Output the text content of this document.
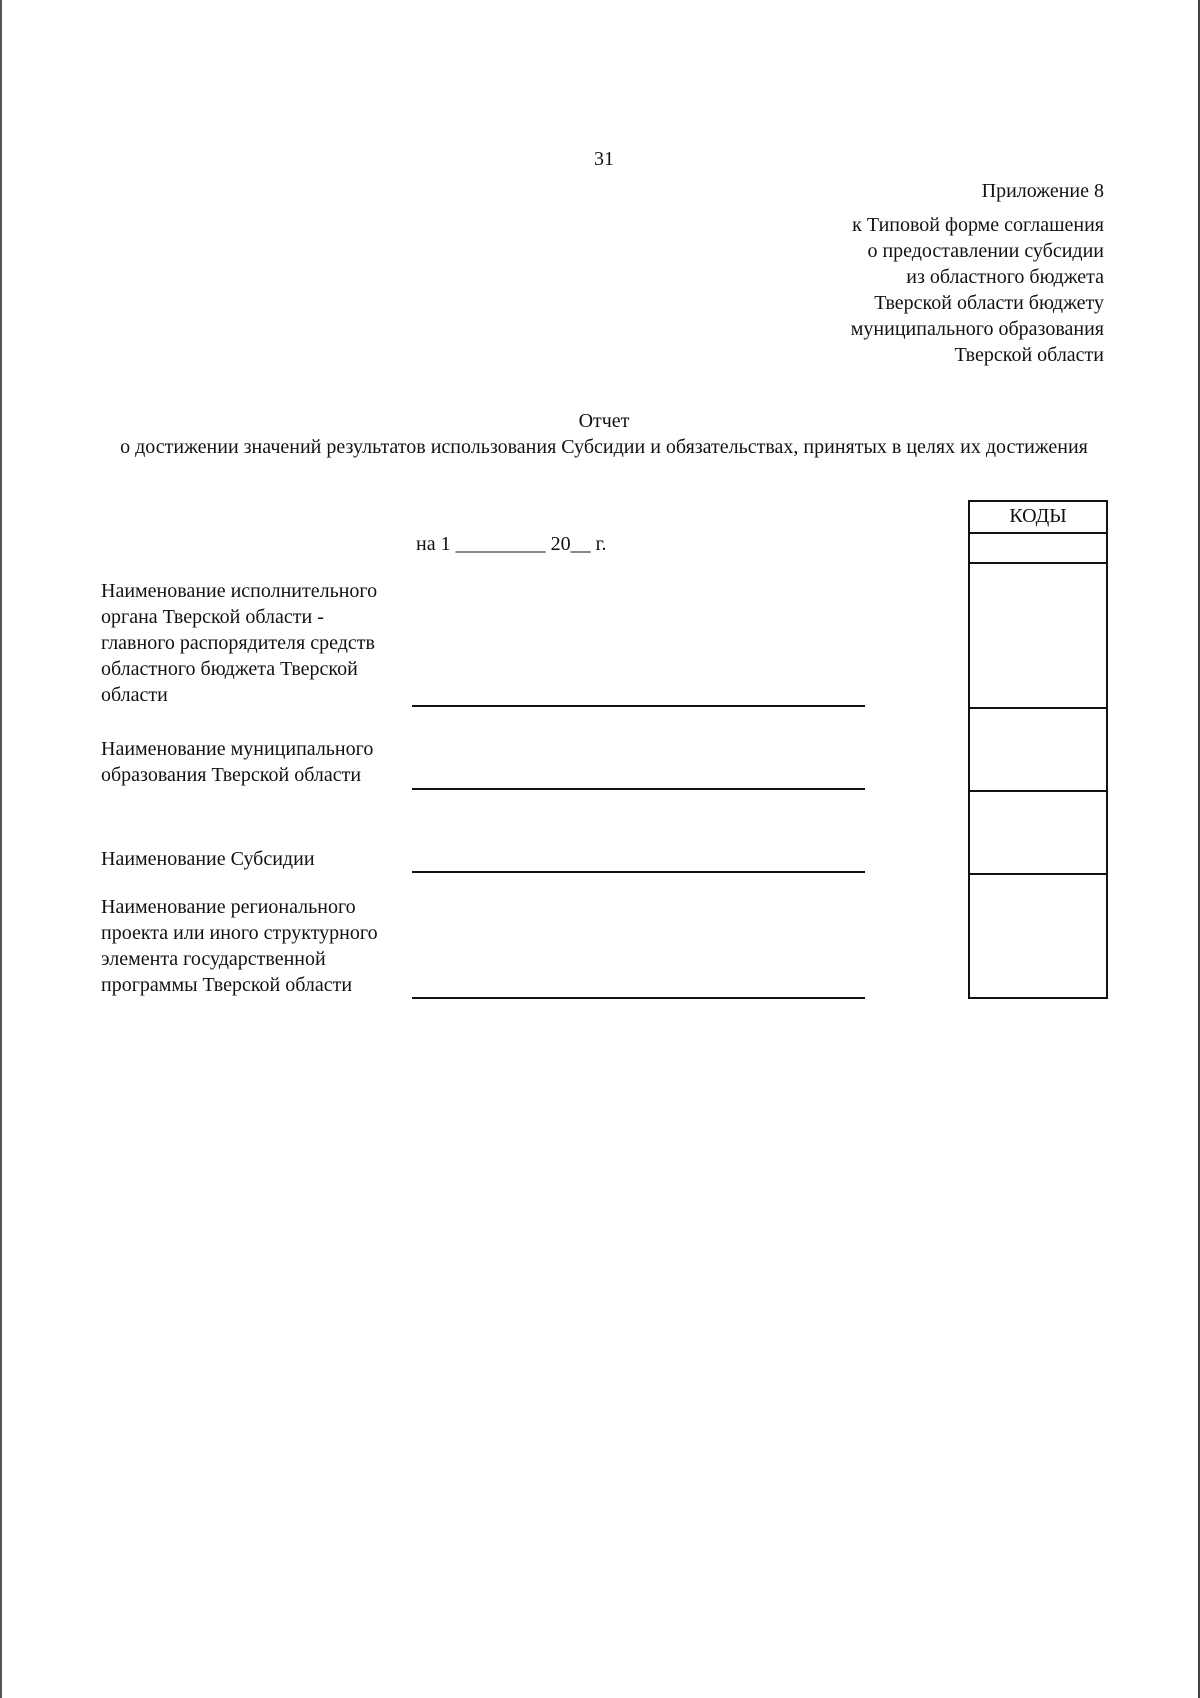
31
Приложение 8
к Типовой форме соглашения
о предоставлении субсидии
из областного бюджета
Тверской области бюджету
муниципального образования
Тверской области
Отчет
о достижении значений результатов использования Субсидии и обязательствах, принятых в целях их достижения
на 1 _________ 20__ г.
Наименование исполнительного органа Тверской области - главного распорядителя средств областного бюджета Тверской области
Наименование муниципального образования Тверской области
Наименование Субсидии
Наименование регионального проекта или иного структурного элемента государственной программы Тверской области
КОДЫ
